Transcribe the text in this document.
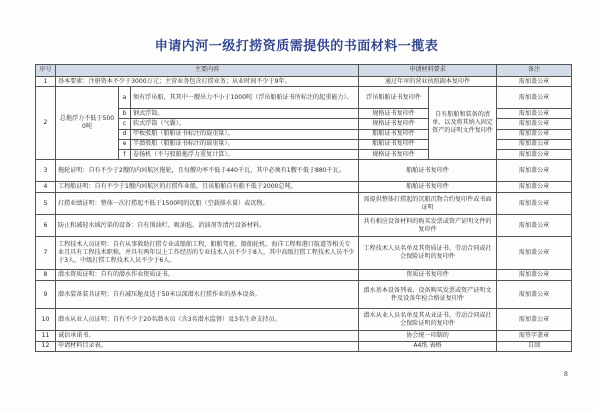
申请内河一级打捞资质需提供的书面材料一揽表
序号	主要内容			申请材料要求		备注
1	基本要素：注册资本不少于3000万元；主营业务包含打捞业务；从业时间不少于9年。			通过年审的营业执照副本复印件		需加盖公章
2	总拖浮力不低于5000吨	a	须有浮吊船，其其中一艘吊力不小于1000吨（浮吊船舶证书所标注的起重能力）。	浮吊船舶证书复印件	自有船舶和装备的清单，以及将其纳入固定资产的证明文件复印件	需加盖公章
		b	钢式浮筒。	规格证书复印件		需加盖公章
		c	软式浮筒（气囊）。	规格证书复印件		需加盖公章
		d	甲板驳船（船舶证书标注的载重量）。	船舶证书复印件		需加盖公章
		e	半潜驳船（船舶证书标注的载重量）。	船舶证书复印件		需加盖公章
		f	卷扬机（不与驳船拖浮力重复计算）。	规格证书复印件		需加盖公章
3	拖轮证明：自有不少于2艘的内河航区拖轮，且每艘功率不低于440千瓦，其中必须有1艘不低于880千瓦。			船舶证书复印件		需加盖公章
4	工程船证明：自有不少于1艘内河航区的打捞作业船，且该船舶自有舶不低于2000总吨。			船舶证书复印件		需加盖公章
5	打捞业绩证明：整体一次打捞起不低于1500吨的沉船（空载排水量）或沉物。			需提供整体打捞起的沉船沉物合约复印件或书面证明		需加盖公章
6	防止和减轻水域污染的设备：自有围油栏、吸油毡、消油剂等清污设备材料。			共有相应设备材料的购买发票或资产证明文件的复印件		需加盖公章
7	工程技术人员证明：自有从事救助打捞专业或船舶工程、船舶驾驶、船舶轮机、海洋工程和港口航道等相关专业且具有工程技术职称，并具有两年以上工作经历的专业技术人员不少于8人，其中高级打捞工程技术人员不少于3人，中级打捞工程技术人员不少于6人。			工程技术人员名单及其资质证书、劳动合同或社会保险证明的复印件		需加盖公章
8	潜水资质证明：自有的潜水作业资质证书。			资质证书复印件		需加盖公章
9	潜水装备装具证明：自有减压舱及适于50米以深潜水打捞作业的基本设备。			潜水基本设备列表、设备购买发票或资产证明文件及设备年检合格证复印件		需加盖公章
10	潜水从业人员证明：自有不少于20名潜水员（含3名潜水监督）及3名生命支持员。			潜水从业人员名单及其从业证书、劳动合同或社会保险证明的复印件		需加盖公章
11	诚信承诺书。			协会统一印制的		需签字盖章
12	申请材料目录表。			A4纸 表格		自制
8
